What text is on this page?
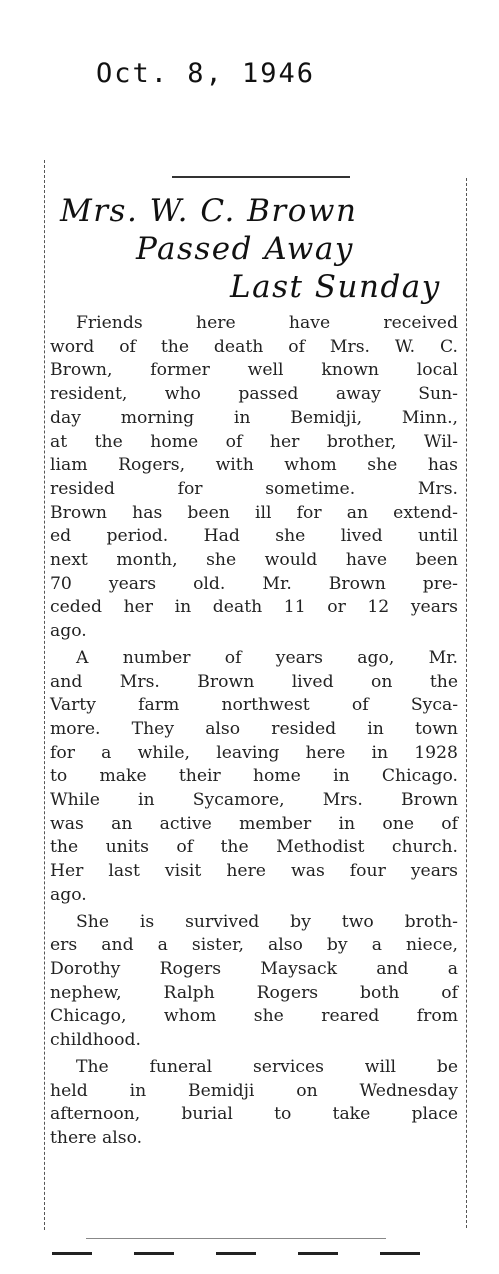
Oct. 8, 1946
Mrs. W. C. Brown
Passed Away
Last Sunday
Friends here have received
word of the death of Mrs. W. C.
Brown, former well known local
resident, who passed away Sun-
day morning in Bemidji, Minn.,
at the home of her brother, Wil-
liam Rogers, with whom she has
resided for sometime. Mrs.
Brown has been ill for an extend-
ed period. Had she lived until
next month, she would have been
70 years old. Mr. Brown pre-
ceded her in death 11 or 12 years
ago.
A number of years ago, Mr.
and Mrs. Brown lived on the
Varty farm northwest of Syca-
more. They also resided in town
for a while, leaving here in 1928
to make their home in Chicago.
While in Sycamore, Mrs. Brown
was an active member in one of
the units of the Methodist church.
Her last visit here was four years
ago.
She is survived by two broth-
ers and a sister, also by a niece,
Dorothy Rogers Maysack and a
nephew, Ralph Rogers both of
Chicago, whom she reared from
childhood.
The funeral services will be
held in Bemidji on Wednesday
afternoon, burial to take place
there also.
